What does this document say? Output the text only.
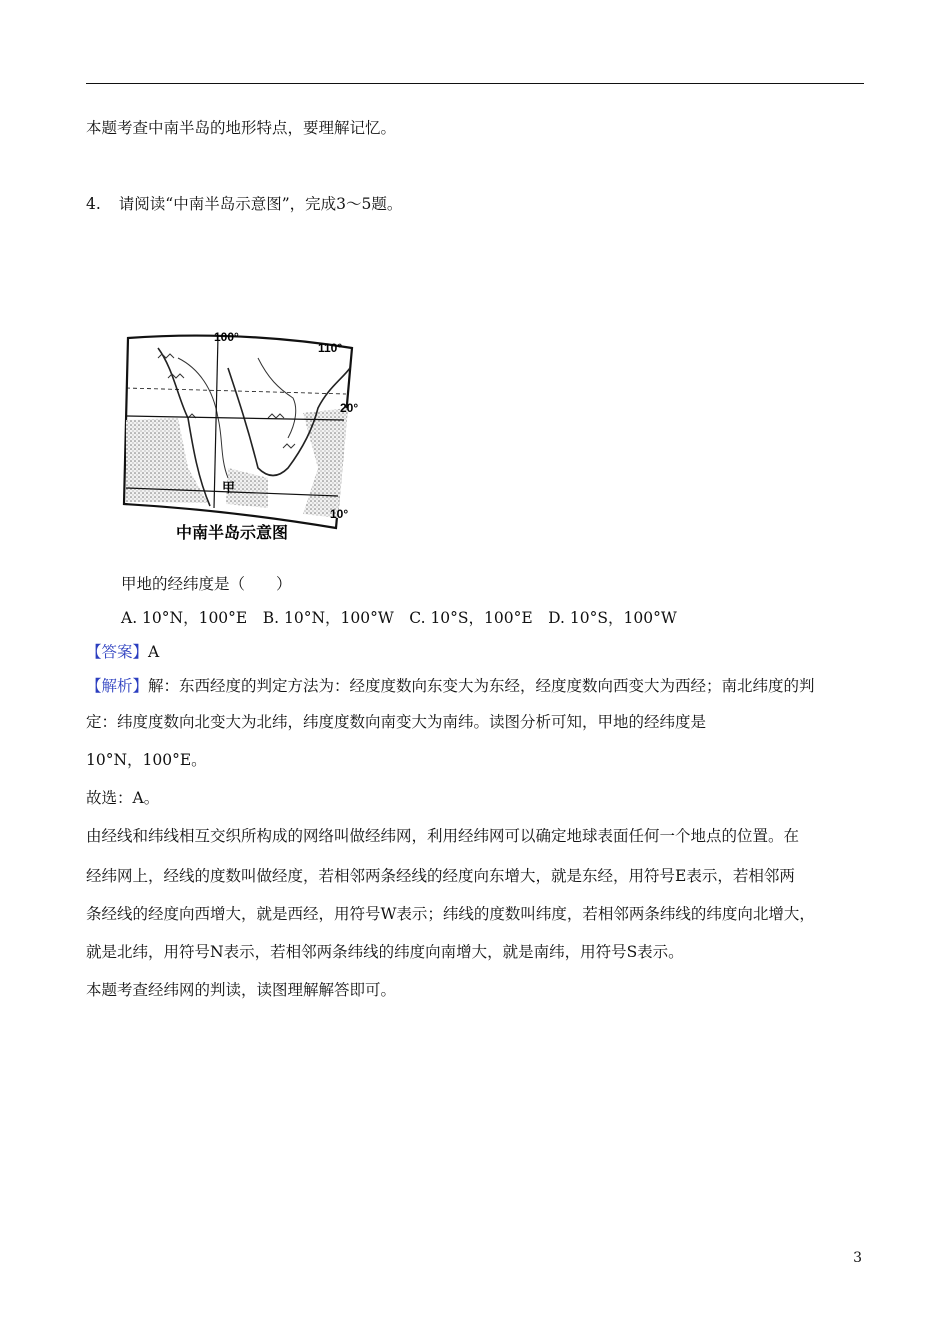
本题考查中南半岛的地形特点，要理解记忆。
4. 请阅读“中南半岛示意图”，完成3～5题。
100°
110°
20°
10°
甲
中南半岛示意图
甲地的经纬度是（　　）
A. 10°N，100°E　B. 10°N，100°W　C. 10°S，100°E　D. 10°S，100°W
【答案】A
【解析】解：东西经度的判定方法为：经度度数向东变大为东经，经度度数向西变大为西经；南北纬度的判
定：纬度度数向北变大为北纬，纬度度数向南变大为南纬。读图分析可知，甲地的经纬度是
10°N，100°E。
故选：A。
由经线和纬线相互交织所构成的网络叫做经纬网，利用经纬网可以确定地球表面任何一个地点的位置。在
经纬网上，经线的度数叫做经度，若相邻两条经线的经度向东增大，就是东经，用符号E表示，若相邻两
条经线的经度向西增大，就是西经，用符号W表示；纬线的度数叫纬度，若相邻两条纬线的纬度向北增大，
就是北纬，用符号N表示，若相邻两条纬线的纬度向南增大，就是南纬，用符号S表示。
本题考查经纬网的判读，读图理解解答即可。
3
